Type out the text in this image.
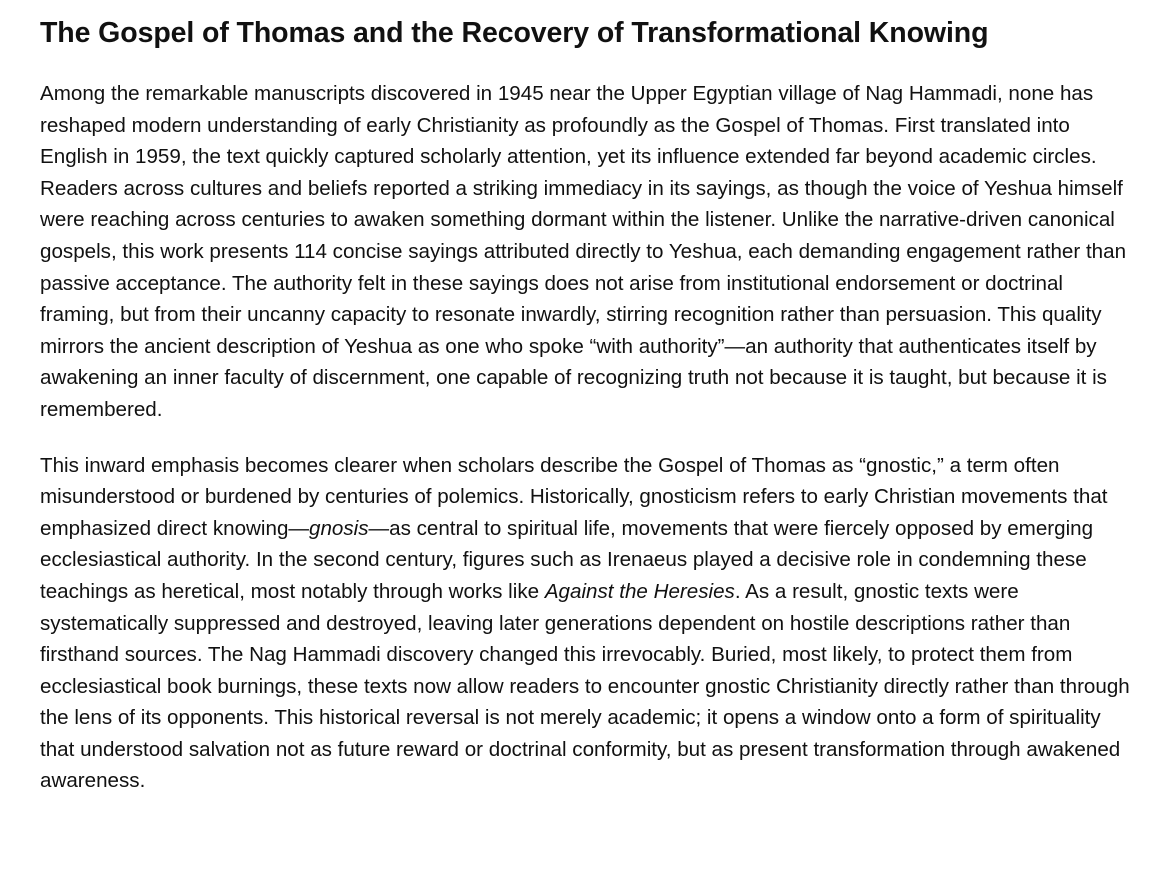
The Gospel of Thomas and the Recovery of Transformational Knowing

Among the remarkable manuscripts discovered in 1945 near the Upper Egyptian village of Nag Hammadi, none has reshaped modern understanding of early Christianity as profoundly as the Gospel of Thomas. First translated into English in 1959, the text quickly captured scholarly attention, yet its influence extended far beyond academic circles. Readers across cultures and beliefs reported a striking immediacy in its sayings, as though the voice of Yeshua himself were reaching across centuries to awaken something dormant within the listener. Unlike the narrative-driven canonical gospels, this work presents 114 concise sayings attributed directly to Yeshua, each demanding engagement rather than passive acceptance. The authority felt in these sayings does not arise from institutional endorsement or doctrinal framing, but from their uncanny capacity to resonate inwardly, stirring recognition rather than persuasion. This quality mirrors the ancient description of Yeshua as one who spoke “with authority”—an authority that authenticates itself by awakening an inner faculty of discernment, one capable of recognizing truth not because it is taught, but because it is remembered.

This inward emphasis becomes clearer when scholars describe the Gospel of Thomas as “gnostic,” a term often misunderstood or burdened by centuries of polemics. Historically, gnosticism refers to early Christian movements that emphasized direct knowing—gnosis—as central to spiritual life, movements that were fiercely opposed by emerging ecclesiastical authority. In the second century, figures such as Irenaeus played a decisive role in condemning these teachings as heretical, most notably through works like Against the Heresies. As a result, gnostic texts were systematically suppressed and destroyed, leaving later generations dependent on hostile descriptions rather than firsthand sources. The Nag Hammadi discovery changed this irrevocably. Buried, most likely, to protect them from ecclesiastical book burnings, these texts now allow readers to encounter gnostic Christianity directly rather than through the lens of its opponents. This historical reversal is not merely academic; it opens a window onto a form of spirituality that understood salvation not as future reward or doctrinal conformity, but as present transformation through awakened awareness.
